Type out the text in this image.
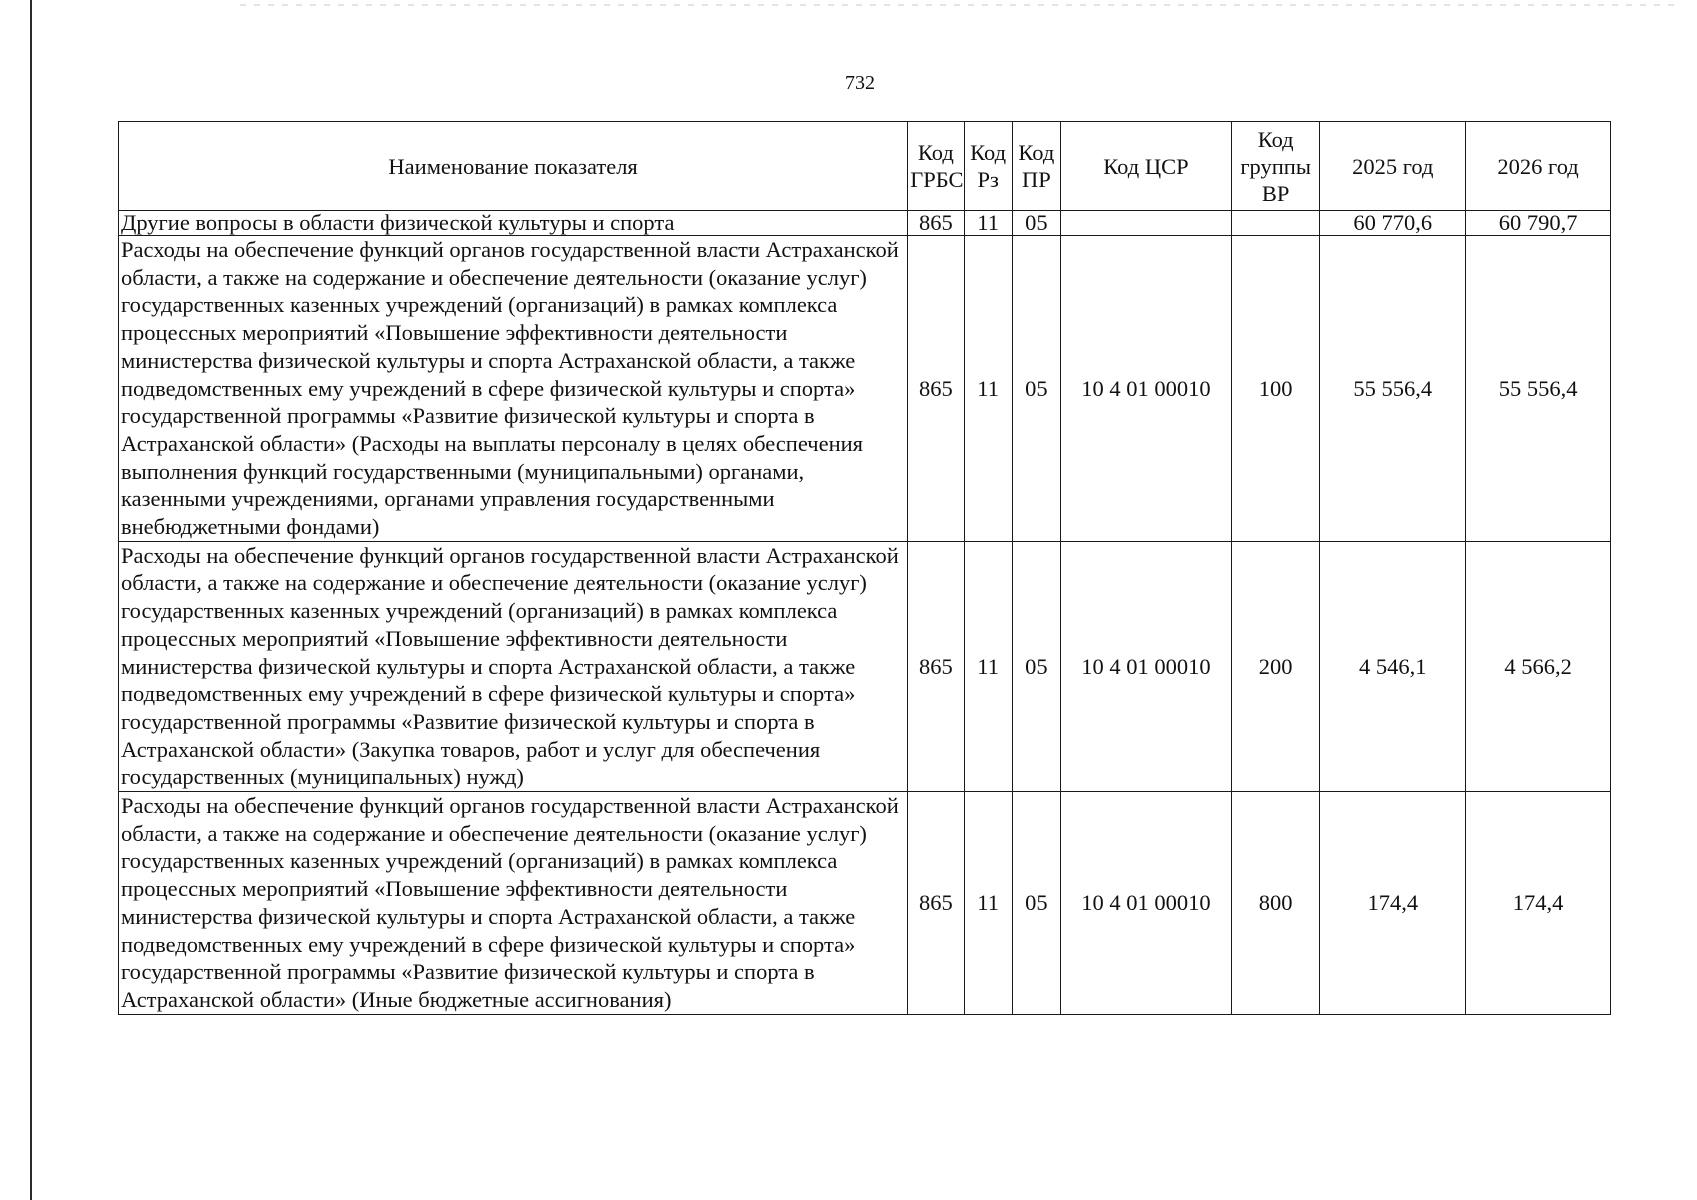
732
Наименование показателя	Код ГРБС	Код Рз	Код ПР	Код ЦСР	Код группы ВР	2025 год	2026 год
Другие вопросы в области физической культуры и спорта	865	11	05			60 770,6	60 790,7
Расходы на обеспечение функций органов государственной власти Астраханской области, а также на содержание и обеспечение деятельности (оказание услуг) государственных казенных учреждений (организаций) в рамках комплекса процессных мероприятий «Повышение эффективности деятельности министерства физической культуры и спорта Астраханской области, а также подведомственных ему учреждений в сфере физической культуры и спорта» государственной программы «Развитие физической культуры и спорта в Астраханской области» (Расходы на выплаты персоналу в целях обеспечения выполнения функций государственными (муниципальными) органами, казенными учреждениями, органами управления государственными внебюджетными фондами)	865	11	05	10 4 01 00010	100	55 556,4	55 556,4
Расходы на обеспечение функций органов государственной власти Астраханской области, а также на содержание и обеспечение деятельности (оказание услуг) государственных казенных учреждений (организаций) в рамках комплекса процессных мероприятий «Повышение эффективности деятельности министерства физической культуры и спорта Астраханской области, а также подведомственных ему учреждений в сфере физической культуры и спорта» государственной программы «Развитие физической культуры и спорта в Астраханской области» (Закупка товаров, работ и услуг для обеспечения государственных (муниципальных) нужд)	865	11	05	10 4 01 00010	200	4 546,1	4 566,2
Расходы на обеспечение функций органов государственной власти Астраханской области, а также на содержание и обеспечение деятельности (оказание услуг) государственных казенных учреждений (организаций) в рамках комплекса процессных мероприятий «Повышение эффективности деятельности министерства физической культуры и спорта Астраханской области, а также подведомственных ему учреждений в сфере физической культуры и спорта» государственной программы «Развитие физической культуры и спорта в Астраханской области» (Иные бюджетные ассигнования)	865	11	05	10 4 01 00010	800	174,4	174,4
